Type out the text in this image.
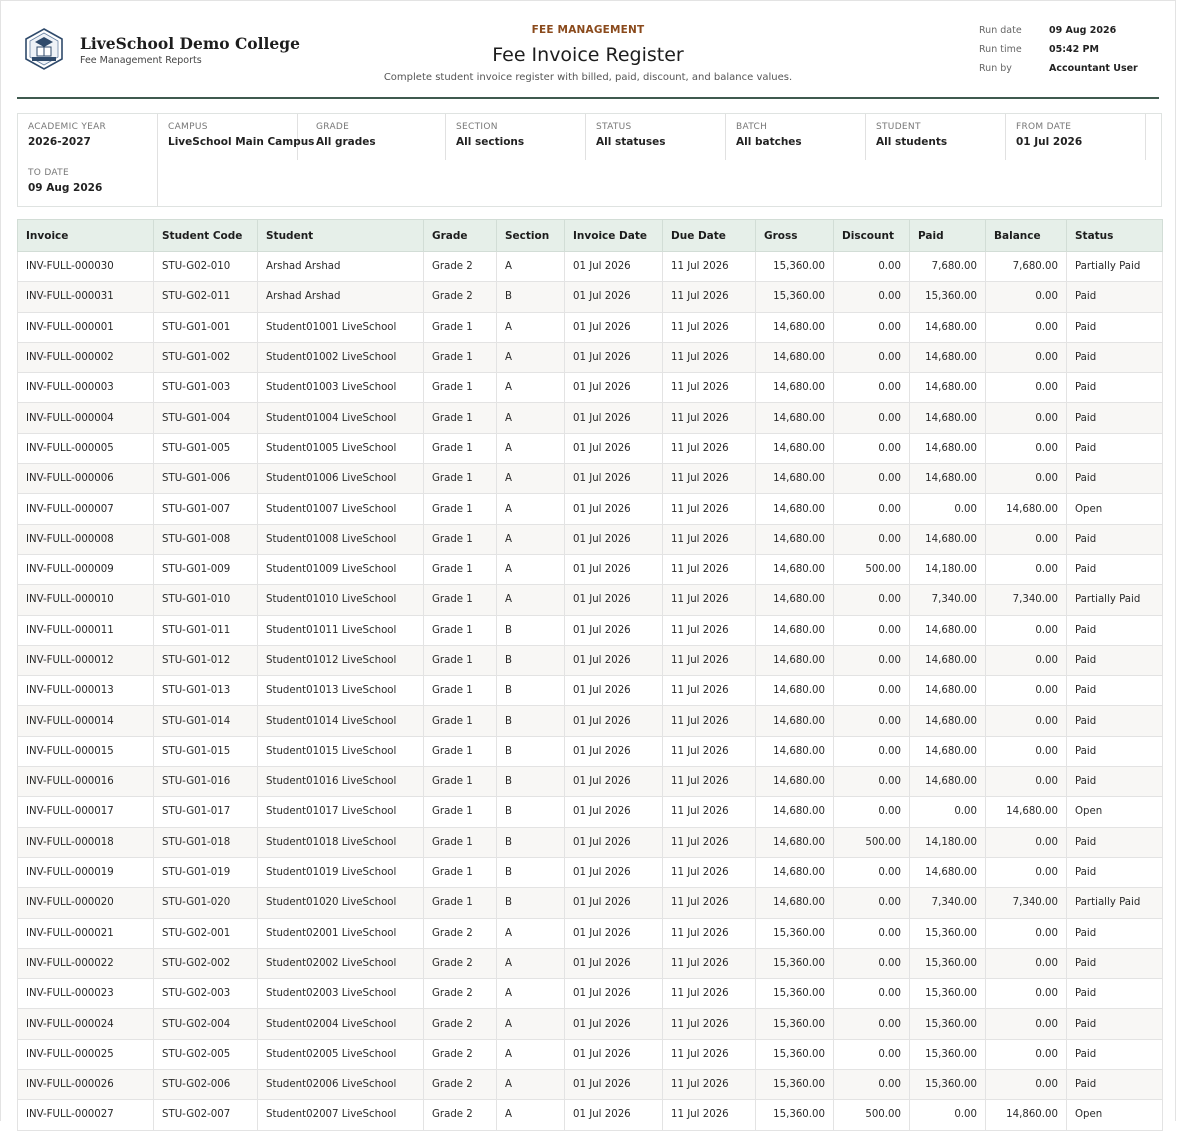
LiveSchool Demo College
Fee Management Reports
FEE MANAGEMENT
Fee Invoice Register
Complete student invoice register with billed, paid, discount, and balance values.
Run date	09 Aug 2026
Run time	05:42 PM
Run by	Accountant User
ACADEMIC YEAR
2026-2027
CAMPUS
LiveSchool Main Campus
GRADE
All grades
SECTION
All sections
STATUS
All statuses
BATCH
All batches
STUDENT
All students
FROM DATE
01 Jul 2026
TO DATE
09 Aug 2026
Invoice	Student Code	Student	Grade	Section	Invoice Date	Due Date	Gross	Discount	Paid	Balance	Status
INV-FULL-000030	STU-G02-010	Arshad Arshad	Grade 2	A	01 Jul 2026	11 Jul 2026	15,360.00	0.00	7,680.00	7,680.00	Partially Paid
INV-FULL-000031	STU-G02-011	Arshad Arshad	Grade 2	B	01 Jul 2026	11 Jul 2026	15,360.00	0.00	15,360.00	0.00	Paid
INV-FULL-000001	STU-G01-001	Student01001 LiveSchool	Grade 1	A	01 Jul 2026	11 Jul 2026	14,680.00	0.00	14,680.00	0.00	Paid
INV-FULL-000002	STU-G01-002	Student01002 LiveSchool	Grade 1	A	01 Jul 2026	11 Jul 2026	14,680.00	0.00	14,680.00	0.00	Paid
INV-FULL-000003	STU-G01-003	Student01003 LiveSchool	Grade 1	A	01 Jul 2026	11 Jul 2026	14,680.00	0.00	14,680.00	0.00	Paid
INV-FULL-000004	STU-G01-004	Student01004 LiveSchool	Grade 1	A	01 Jul 2026	11 Jul 2026	14,680.00	0.00	14,680.00	0.00	Paid
INV-FULL-000005	STU-G01-005	Student01005 LiveSchool	Grade 1	A	01 Jul 2026	11 Jul 2026	14,680.00	0.00	14,680.00	0.00	Paid
INV-FULL-000006	STU-G01-006	Student01006 LiveSchool	Grade 1	A	01 Jul 2026	11 Jul 2026	14,680.00	0.00	14,680.00	0.00	Paid
INV-FULL-000007	STU-G01-007	Student01007 LiveSchool	Grade 1	A	01 Jul 2026	11 Jul 2026	14,680.00	0.00	0.00	14,680.00	Open
INV-FULL-000008	STU-G01-008	Student01008 LiveSchool	Grade 1	A	01 Jul 2026	11 Jul 2026	14,680.00	0.00	14,680.00	0.00	Paid
INV-FULL-000009	STU-G01-009	Student01009 LiveSchool	Grade 1	A	01 Jul 2026	11 Jul 2026	14,680.00	500.00	14,180.00	0.00	Paid
INV-FULL-000010	STU-G01-010	Student01010 LiveSchool	Grade 1	A	01 Jul 2026	11 Jul 2026	14,680.00	0.00	7,340.00	7,340.00	Partially Paid
INV-FULL-000011	STU-G01-011	Student01011 LiveSchool	Grade 1	B	01 Jul 2026	11 Jul 2026	14,680.00	0.00	14,680.00	0.00	Paid
INV-FULL-000012	STU-G01-012	Student01012 LiveSchool	Grade 1	B	01 Jul 2026	11 Jul 2026	14,680.00	0.00	14,680.00	0.00	Paid
INV-FULL-000013	STU-G01-013	Student01013 LiveSchool	Grade 1	B	01 Jul 2026	11 Jul 2026	14,680.00	0.00	14,680.00	0.00	Paid
INV-FULL-000014	STU-G01-014	Student01014 LiveSchool	Grade 1	B	01 Jul 2026	11 Jul 2026	14,680.00	0.00	14,680.00	0.00	Paid
INV-FULL-000015	STU-G01-015	Student01015 LiveSchool	Grade 1	B	01 Jul 2026	11 Jul 2026	14,680.00	0.00	14,680.00	0.00	Paid
INV-FULL-000016	STU-G01-016	Student01016 LiveSchool	Grade 1	B	01 Jul 2026	11 Jul 2026	14,680.00	0.00	14,680.00	0.00	Paid
INV-FULL-000017	STU-G01-017	Student01017 LiveSchool	Grade 1	B	01 Jul 2026	11 Jul 2026	14,680.00	0.00	0.00	14,680.00	Open
INV-FULL-000018	STU-G01-018	Student01018 LiveSchool	Grade 1	B	01 Jul 2026	11 Jul 2026	14,680.00	500.00	14,180.00	0.00	Paid
INV-FULL-000019	STU-G01-019	Student01019 LiveSchool	Grade 1	B	01 Jul 2026	11 Jul 2026	14,680.00	0.00	14,680.00	0.00	Paid
INV-FULL-000020	STU-G01-020	Student01020 LiveSchool	Grade 1	B	01 Jul 2026	11 Jul 2026	14,680.00	0.00	7,340.00	7,340.00	Partially Paid
INV-FULL-000021	STU-G02-001	Student02001 LiveSchool	Grade 2	A	01 Jul 2026	11 Jul 2026	15,360.00	0.00	15,360.00	0.00	Paid
INV-FULL-000022	STU-G02-002	Student02002 LiveSchool	Grade 2	A	01 Jul 2026	11 Jul 2026	15,360.00	0.00	15,360.00	0.00	Paid
INV-FULL-000023	STU-G02-003	Student02003 LiveSchool	Grade 2	A	01 Jul 2026	11 Jul 2026	15,360.00	0.00	15,360.00	0.00	Paid
INV-FULL-000024	STU-G02-004	Student02004 LiveSchool	Grade 2	A	01 Jul 2026	11 Jul 2026	15,360.00	0.00	15,360.00	0.00	Paid
INV-FULL-000025	STU-G02-005	Student02005 LiveSchool	Grade 2	A	01 Jul 2026	11 Jul 2026	15,360.00	0.00	15,360.00	0.00	Paid
INV-FULL-000026	STU-G02-006	Student02006 LiveSchool	Grade 2	A	01 Jul 2026	11 Jul 2026	15,360.00	0.00	15,360.00	0.00	Paid
INV-FULL-000027	STU-G02-007	Student02007 LiveSchool	Grade 2	A	01 Jul 2026	11 Jul 2026	15,360.00	500.00	0.00	14,860.00	Open
